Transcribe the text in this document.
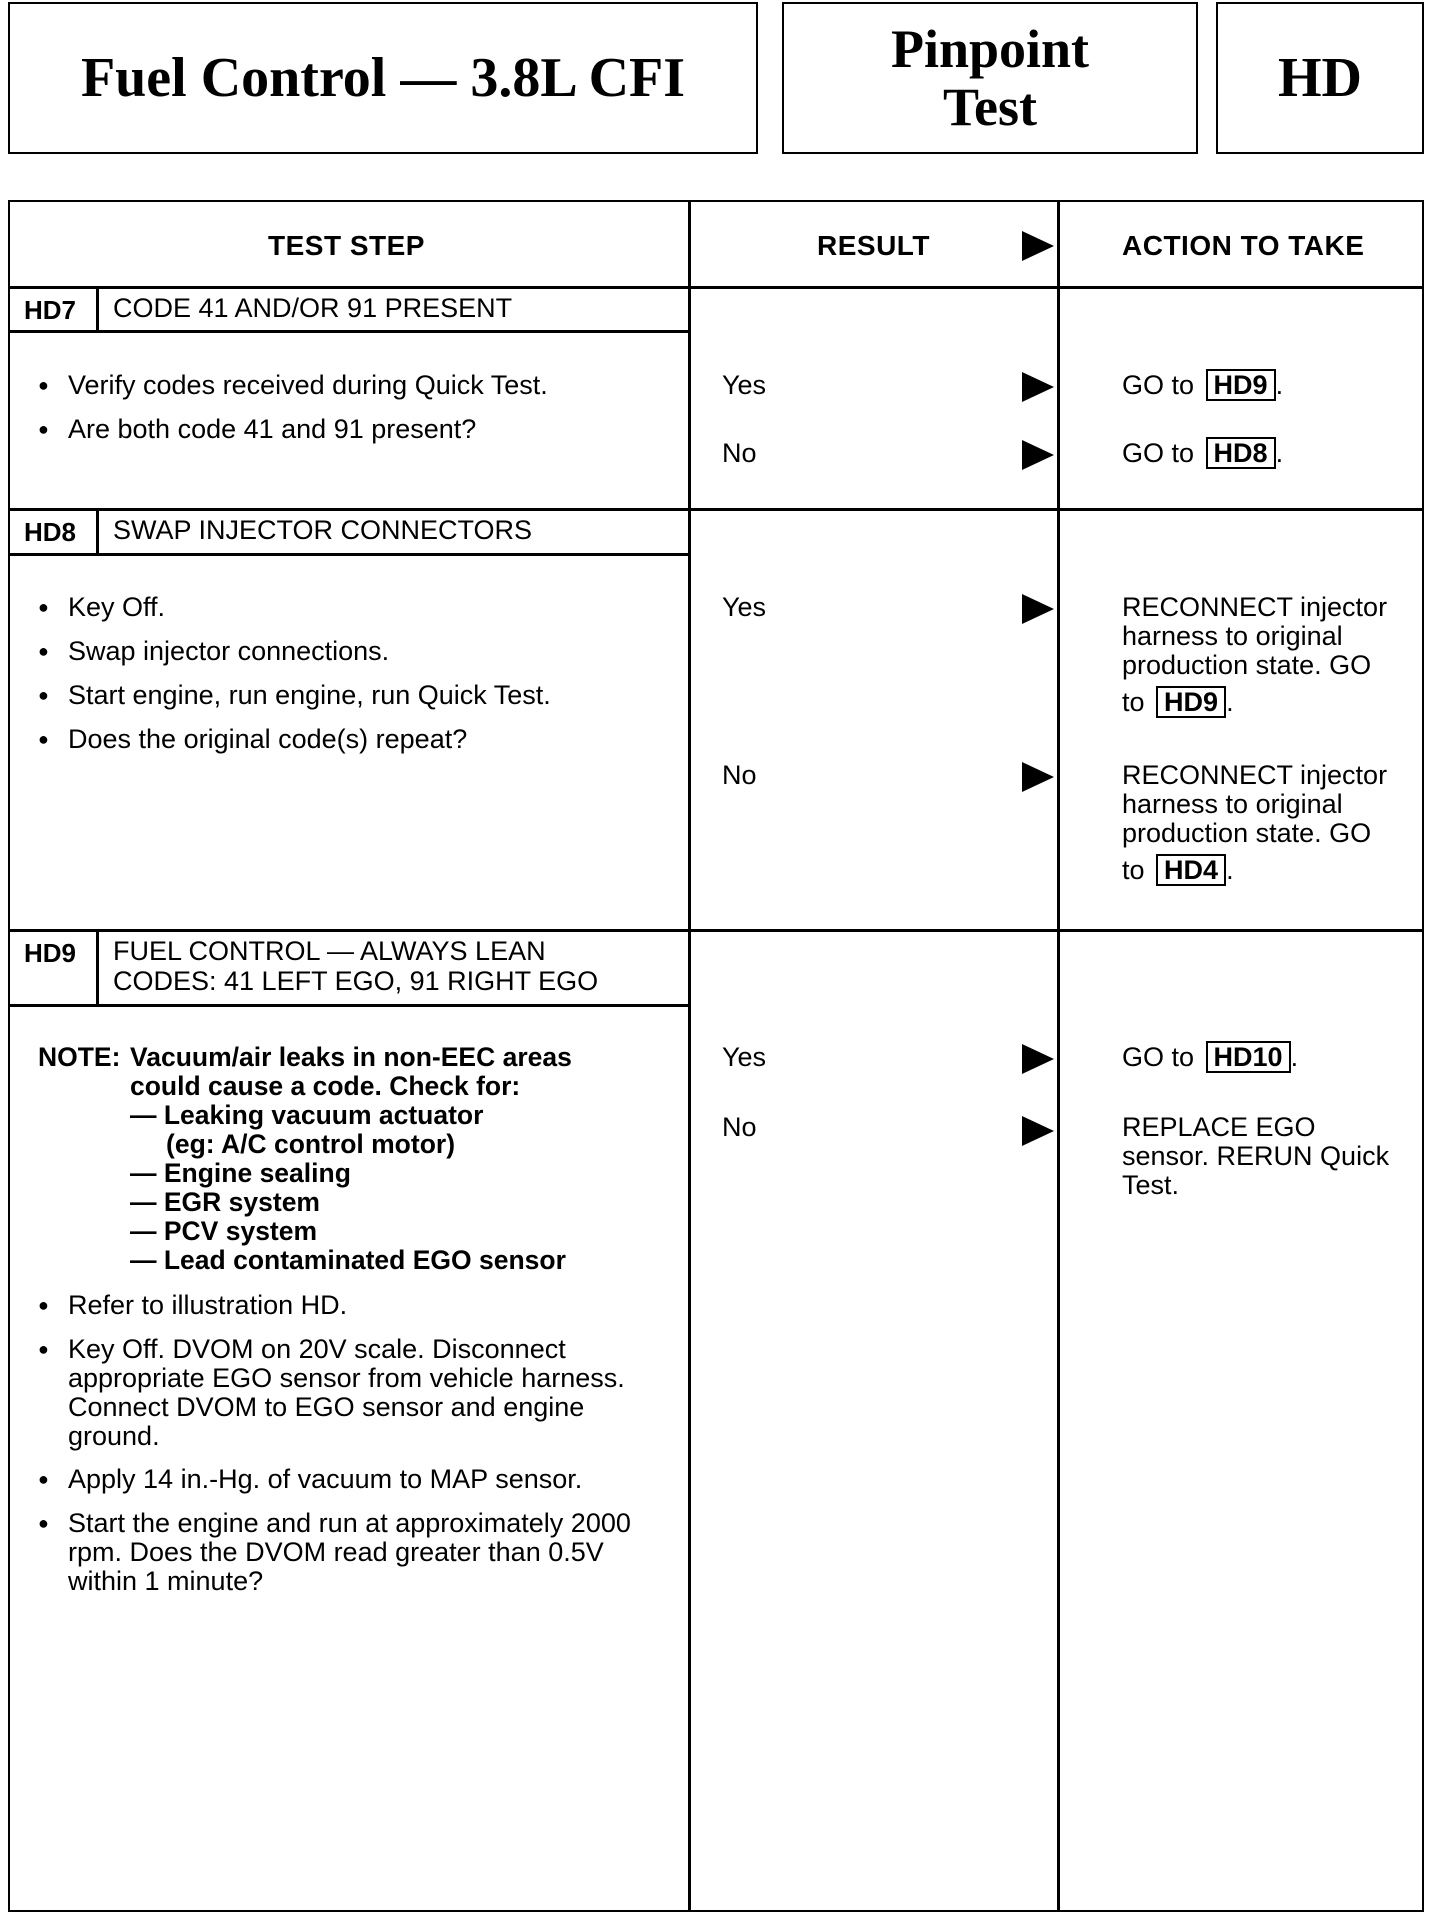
Fuel Control — 3.8L CFI	Pinpoint Test	HD
TEST STEP	RESULT	ACTION TO TAKE
HD7 CODE 41 AND/OR 91 PRESENT
● Verify codes received during Quick Test.
● Are both code 41 and 91 present?
Yes	GO to HD9 .
No	GO to HD8 .
HD8 SWAP INJECTOR CONNECTORS
● Key Off.
● Swap injector connections.
● Start engine, run engine, run Quick Test.
● Does the original code(s) repeat?
Yes	RECONNECT injector
harness to original
production state. GO
to HD9 .
No	RECONNECT injector
harness to original
production state. GO
to HD4 .
HD9 FUEL CONTROL — ALWAYS LEAN
CODES: 41 LEFT EGO, 91 RIGHT EGO
NOTE: Vacuum/air leaks in non-EEC areas
could cause a code. Check for:
— Leaking vacuum actuator
(eg: A/C control motor)
— Engine sealing
— EGR system
— PCV system
— Lead contaminated EGO sensor
● Refer to illustration HD.
● Key Off. DVOM on 20V scale. Disconnect
appropriate EGO sensor from vehicle harness.
Connect DVOM to EGO sensor and engine
ground.
● Apply 14 in.-Hg. of vacuum to MAP sensor.
● Start the engine and run at approximately 2000
rpm. Does the DVOM read greater than 0.5V
within 1 minute?
Yes	GO to HD10 .
No	REPLACE EGO
sensor. RERUN Quick
Test.
